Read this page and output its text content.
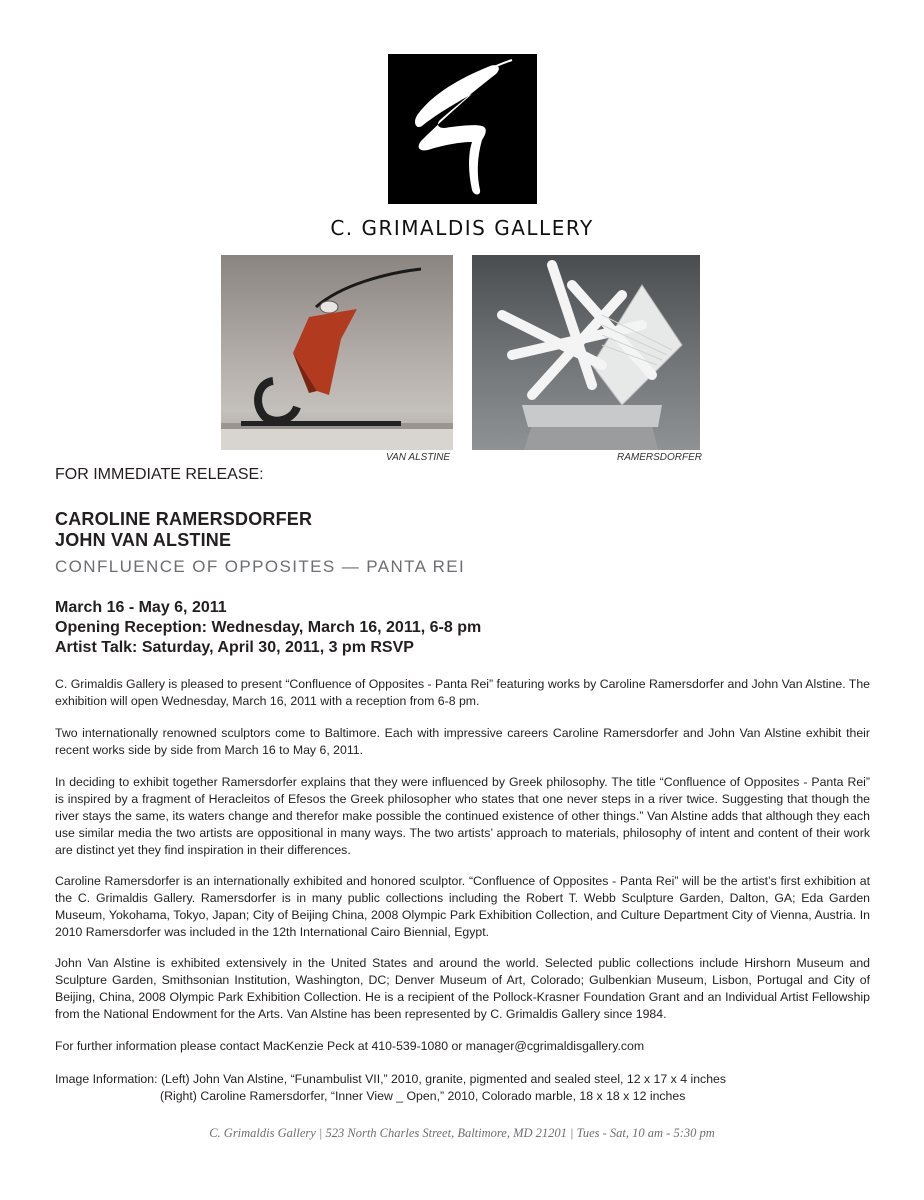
C. GRIMALDIS GALLERY
VAN ALSTINE	RAMERSDORFER
FOR IMMEDIATE RELEASE:
CAROLINE RAMERSDORFER
JOHN VAN ALSTINE
CONFLUENCE OF OPPOSITES — PANTA REI
March 16 - May 6, 2011
Opening Reception: Wednesday, March 16, 2011, 6-8 pm
Artist Talk: Saturday, April 30, 2011, 3 pm RSVP
C. Grimaldis Gallery is pleased to present “Confluence of Opposites - Panta Rei” featuring works by Caroline Ramersdorfer and John Van Alstine. The exhibition will open Wednesday, March 16, 2011 with a reception from 6-8 pm.
Two internationally renowned sculptors come to Baltimore. Each with impressive careers Caroline Ramersdorfer and John Van Alstine exhibit their recent works side by side from March 16 to May 6, 2011.
In deciding to exhibit together Ramersdorfer explains that they were influenced by Greek philosophy. The title “Confluence of Opposites - Panta Rei” is inspired by a fragment of Heracleitos of Efesos the Greek philosopher who states that one never steps in a river twice. Suggesting that though the river stays the same, its waters change and therefor make possible the continued existence of other things.” Van Alstine adds that although they each use similar media the two artists are oppositional in many ways. The two artists’ approach to materials, philosophy of intent and content of their work are distinct yet they find inspiration in their differences.
Caroline Ramersdorfer is an internationally exhibited and honored sculptor. “Confluence of Opposites - Panta Rei” will be the artist’s first exhibition at the C. Grimaldis Gallery. Ramersdorfer is in many public collections including the Robert T. Webb Sculpture Garden, Dalton, GA; Eda Garden Museum, Yokohama, Tokyo, Japan; City of Beijing China, 2008 Olympic Park Exhibition Collection, and Culture Department City of Vienna, Austria. In 2010 Ramersdorfer was included in the 12th International Cairo Biennial, Egypt.
John Van Alstine is exhibited extensively in the United States and around the world. Selected public collections include Hirshorn Museum and Sculpture Garden, Smithsonian Institution, Washington, DC; Denver Museum of Art, Colorado; Gulbenkian Museum, Lisbon, Portugal and City of Beijing, China, 2008 Olympic Park Exhibition Collection. He is a recipient of the Pollock-Krasner Foundation Grant and an Individual Artist Fellowship from the National Endowment for the Arts. Van Alstine has been represented by C. Grimaldis Gallery since 1984.
For further information please contact MacKenzie Peck at 410-539-1080 or manager@cgrimaldisgallery.com
Image Information: (Left) John Van Alstine, “Funambulist VII,” 2010, granite, pigmented and sealed steel, 12 x 17 x 4 inches
(Right) Caroline Ramersdorfer, “Inner View _ Open,” 2010, Colorado marble, 18 x 18 x 12 inches
C. Grimaldis Gallery | 523 North Charles Street, Baltimore, MD 21201 | Tues - Sat, 10 am - 5:30 pm
